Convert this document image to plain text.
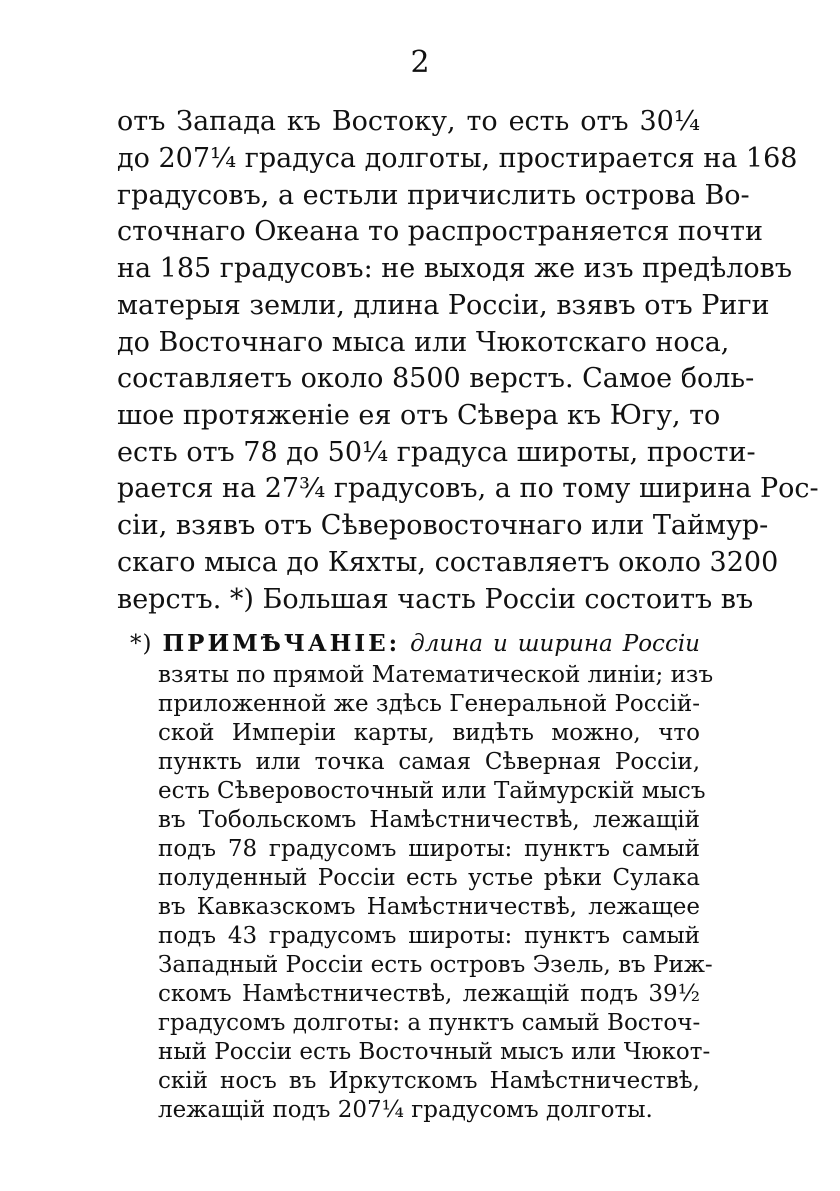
2
отъ Запада къ Востоку, то есть отъ 30¼
до 207¼ градуса долготы, простирается на 168
градусовъ, а естьли причислить острова Во-
сточнаго Океана то распространяется почти
на 185 градусовъ: не выходя же изъ предѣловъ
матерыя земли, длина Россіи, взявъ отъ Риги
до Восточнаго мыса или Чюкотскаго носа,
составляетъ около 8500 верстъ. Самое боль-
шое протяженіе ея отъ Сѣвера къ Югу, то
есть отъ 78 до 50¼ градуса широты, прости-
рается на 27¾ градусовъ, а по тому ширина Рос-
сіи, взявъ отъ Сѣверовосточнаго или Таймур-
скаго мыса до Кяхты, составляетъ около 3200
верстъ. *) Большая часть Россіи состоитъ въ
*) ПРИМѢЧАНІЕ: длина и ширина Россіи
взяты по прямой Математической линіи; изъ
приложенной же здѣсь Генеральной Россій-
ской Имперіи карты, видѣть можно, что
пункть или точка самая Сѣверная Россіи,
есть Сѣверовосточный или Таймурскій мысъ
въ Тобольскомъ Намѣстничествѣ, лежащій
подъ 78 градусомъ широты: пунктъ самый
полуденный Россіи есть устье рѣки Сулака
въ Кавказскомъ Намѣстничествѣ, лежащее
подъ 43 градусомъ широты: пунктъ самый
Западный Россіи есть островъ Эзель, въ Риж-
скомъ Намѣстничествѣ, лежащій подъ 39½
градусомъ долготы: а пунктъ самый Восточ-
ный Россіи есть Восточный мысъ или Чюкот-
скій носъ въ Иркутскомъ Намѣстничествѣ,
лежащій подъ 207¼ градусомъ долготы.
